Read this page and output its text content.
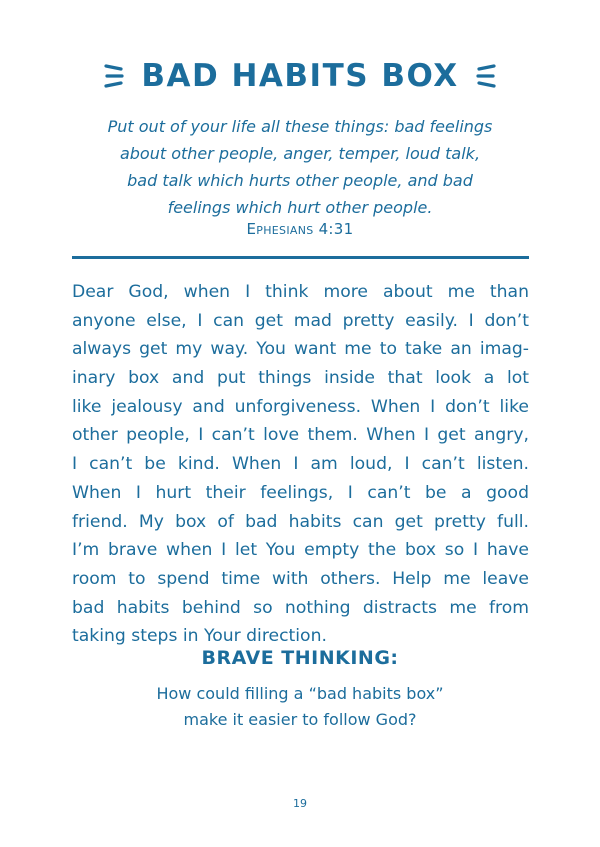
BAD HABITS BOX
Put out of your life all these things: bad feelings
about other people, anger, temper, loud talk,
bad talk which hurts other people, and bad
feelings which hurt other people.
Ephesians 4:31
Dear God, when I think more about me than
anyone else, I can get mad pretty easily. I don’t
always get my way. You want me to take an imag-
inary box and put things inside that look a lot
like jealousy and unforgiveness. When I don’t like
other people, I can’t love them. When I get angry,
I can’t be kind. When I am loud, I can’t listen.
When I hurt their feelings, I can’t be a good
friend. My box of bad habits can get pretty full.
I’m brave when I let You empty the box so I have
room to spend time with others. Help me leave
bad habits behind so nothing distracts me from
taking steps in Your direction.
BRAVE THINKING:
How could filling a “bad habits box”
make it easier to follow God?
19
